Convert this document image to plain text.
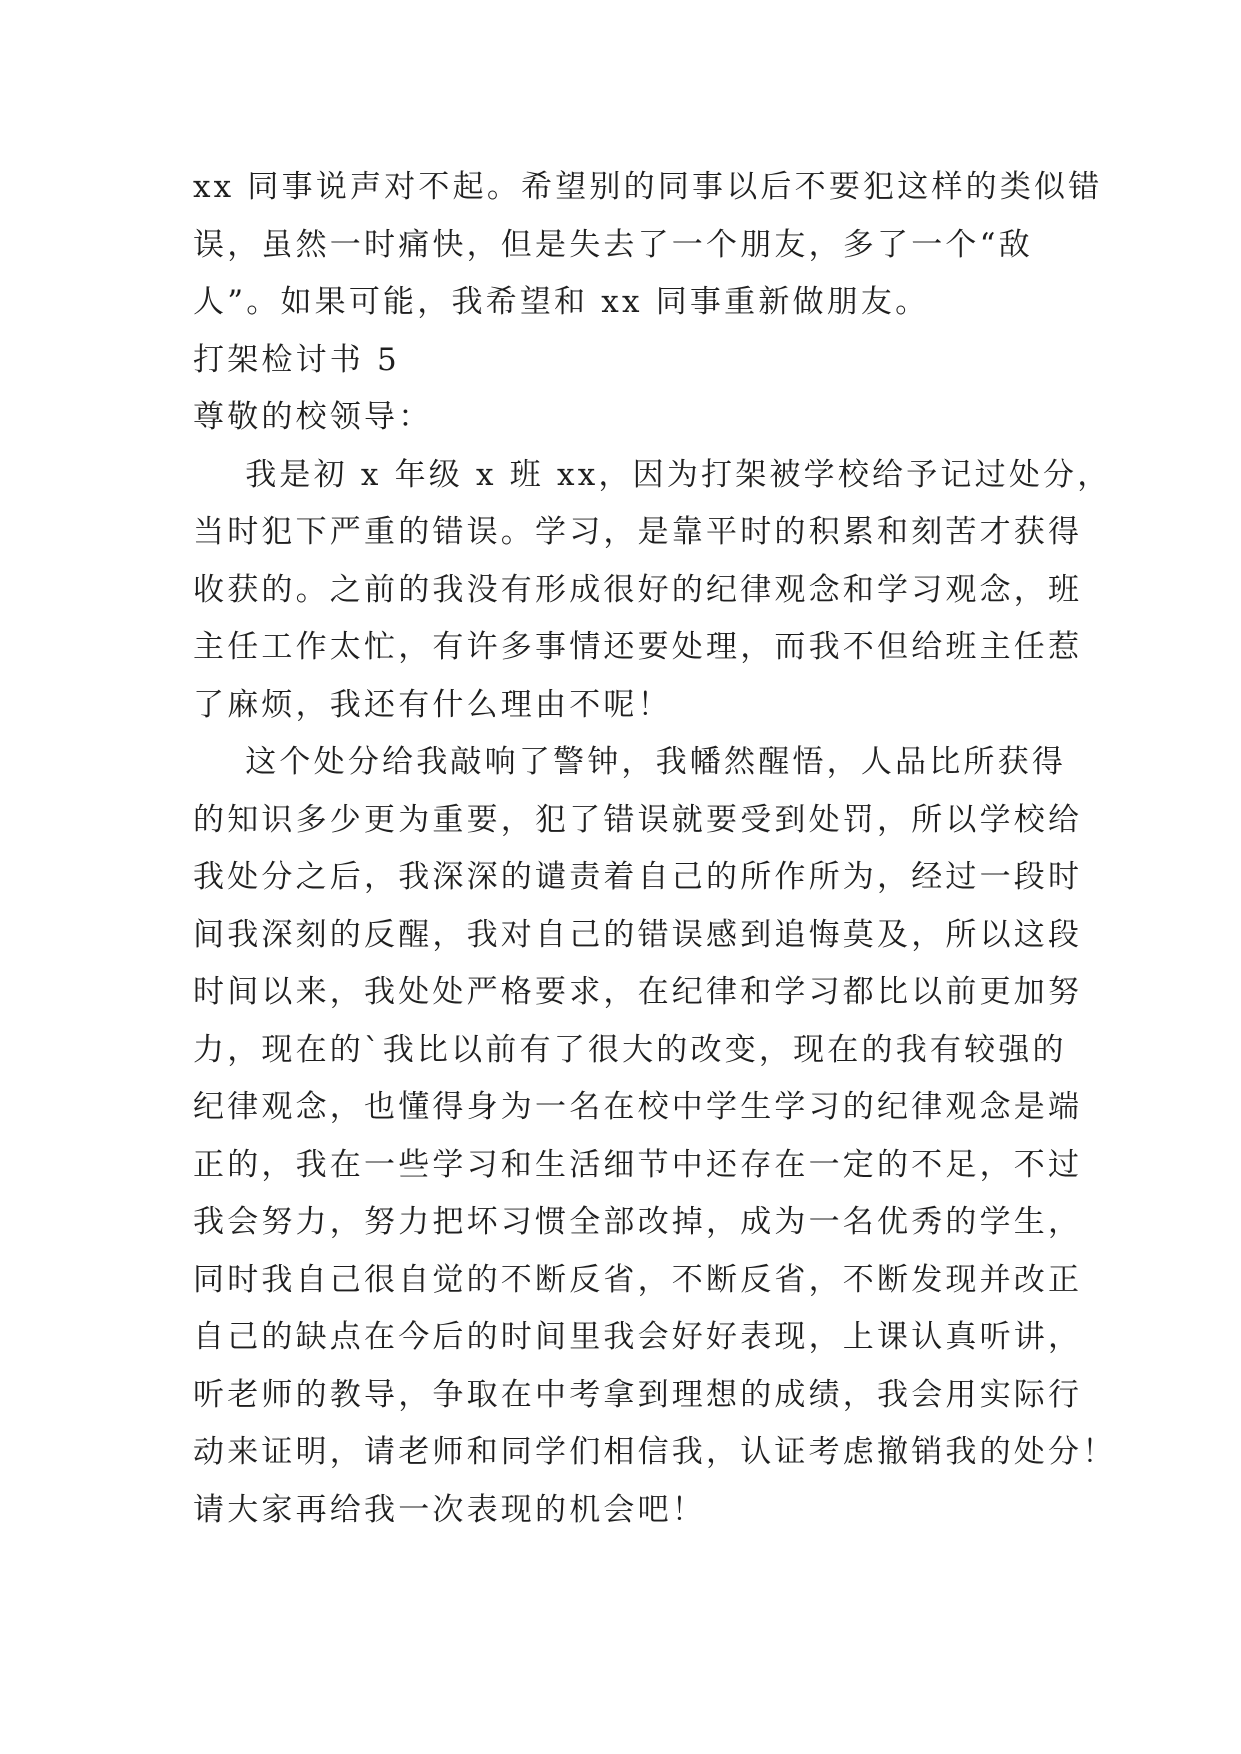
xx 同事说声对不起。希望别的同事以后不要犯这样的类似错
误，虽然一时痛快，但是失去了一个朋友，多了一个“敌
人”。如果可能，我希望和 xx 同事重新做朋友。
打架检讨书 5
尊敬的校领导：
我是初 x 年级 x 班 xx，因为打架被学校给予记过处分，
当时犯下严重的错误。学习，是靠平时的积累和刻苦才获得
收获的。之前的我没有形成很好的纪律观念和学习观念，班
主任工作太忙，有许多事情还要处理，而我不但给班主任惹
了麻烦，我还有什么理由不呢！
这个处分给我敲响了警钟，我幡然醒悟，人品比所获得
的知识多少更为重要，犯了错误就要受到处罚，所以学校给
我处分之后，我深深的谴责着自己的所作所为，经过一段时
间我深刻的反醒，我对自己的错误感到追悔莫及，所以这段
时间以来，我处处严格要求，在纪律和学习都比以前更加努
力，现在的`我比以前有了很大的改变，现在的我有较强的
纪律观念，也懂得身为一名在校中学生学习的纪律观念是端
正的，我在一些学习和生活细节中还存在一定的不足，不过
我会努力，努力把坏习惯全部改掉，成为一名优秀的学生，
同时我自己很自觉的不断反省，不断反省，不断发现并改正
自己的缺点在今后的时间里我会好好表现，上课认真听讲，
听老师的教导，争取在中考拿到理想的成绩，我会用实际行
动来证明，请老师和同学们相信我，认证考虑撤销我的处分！
请大家再给我一次表现的机会吧！
